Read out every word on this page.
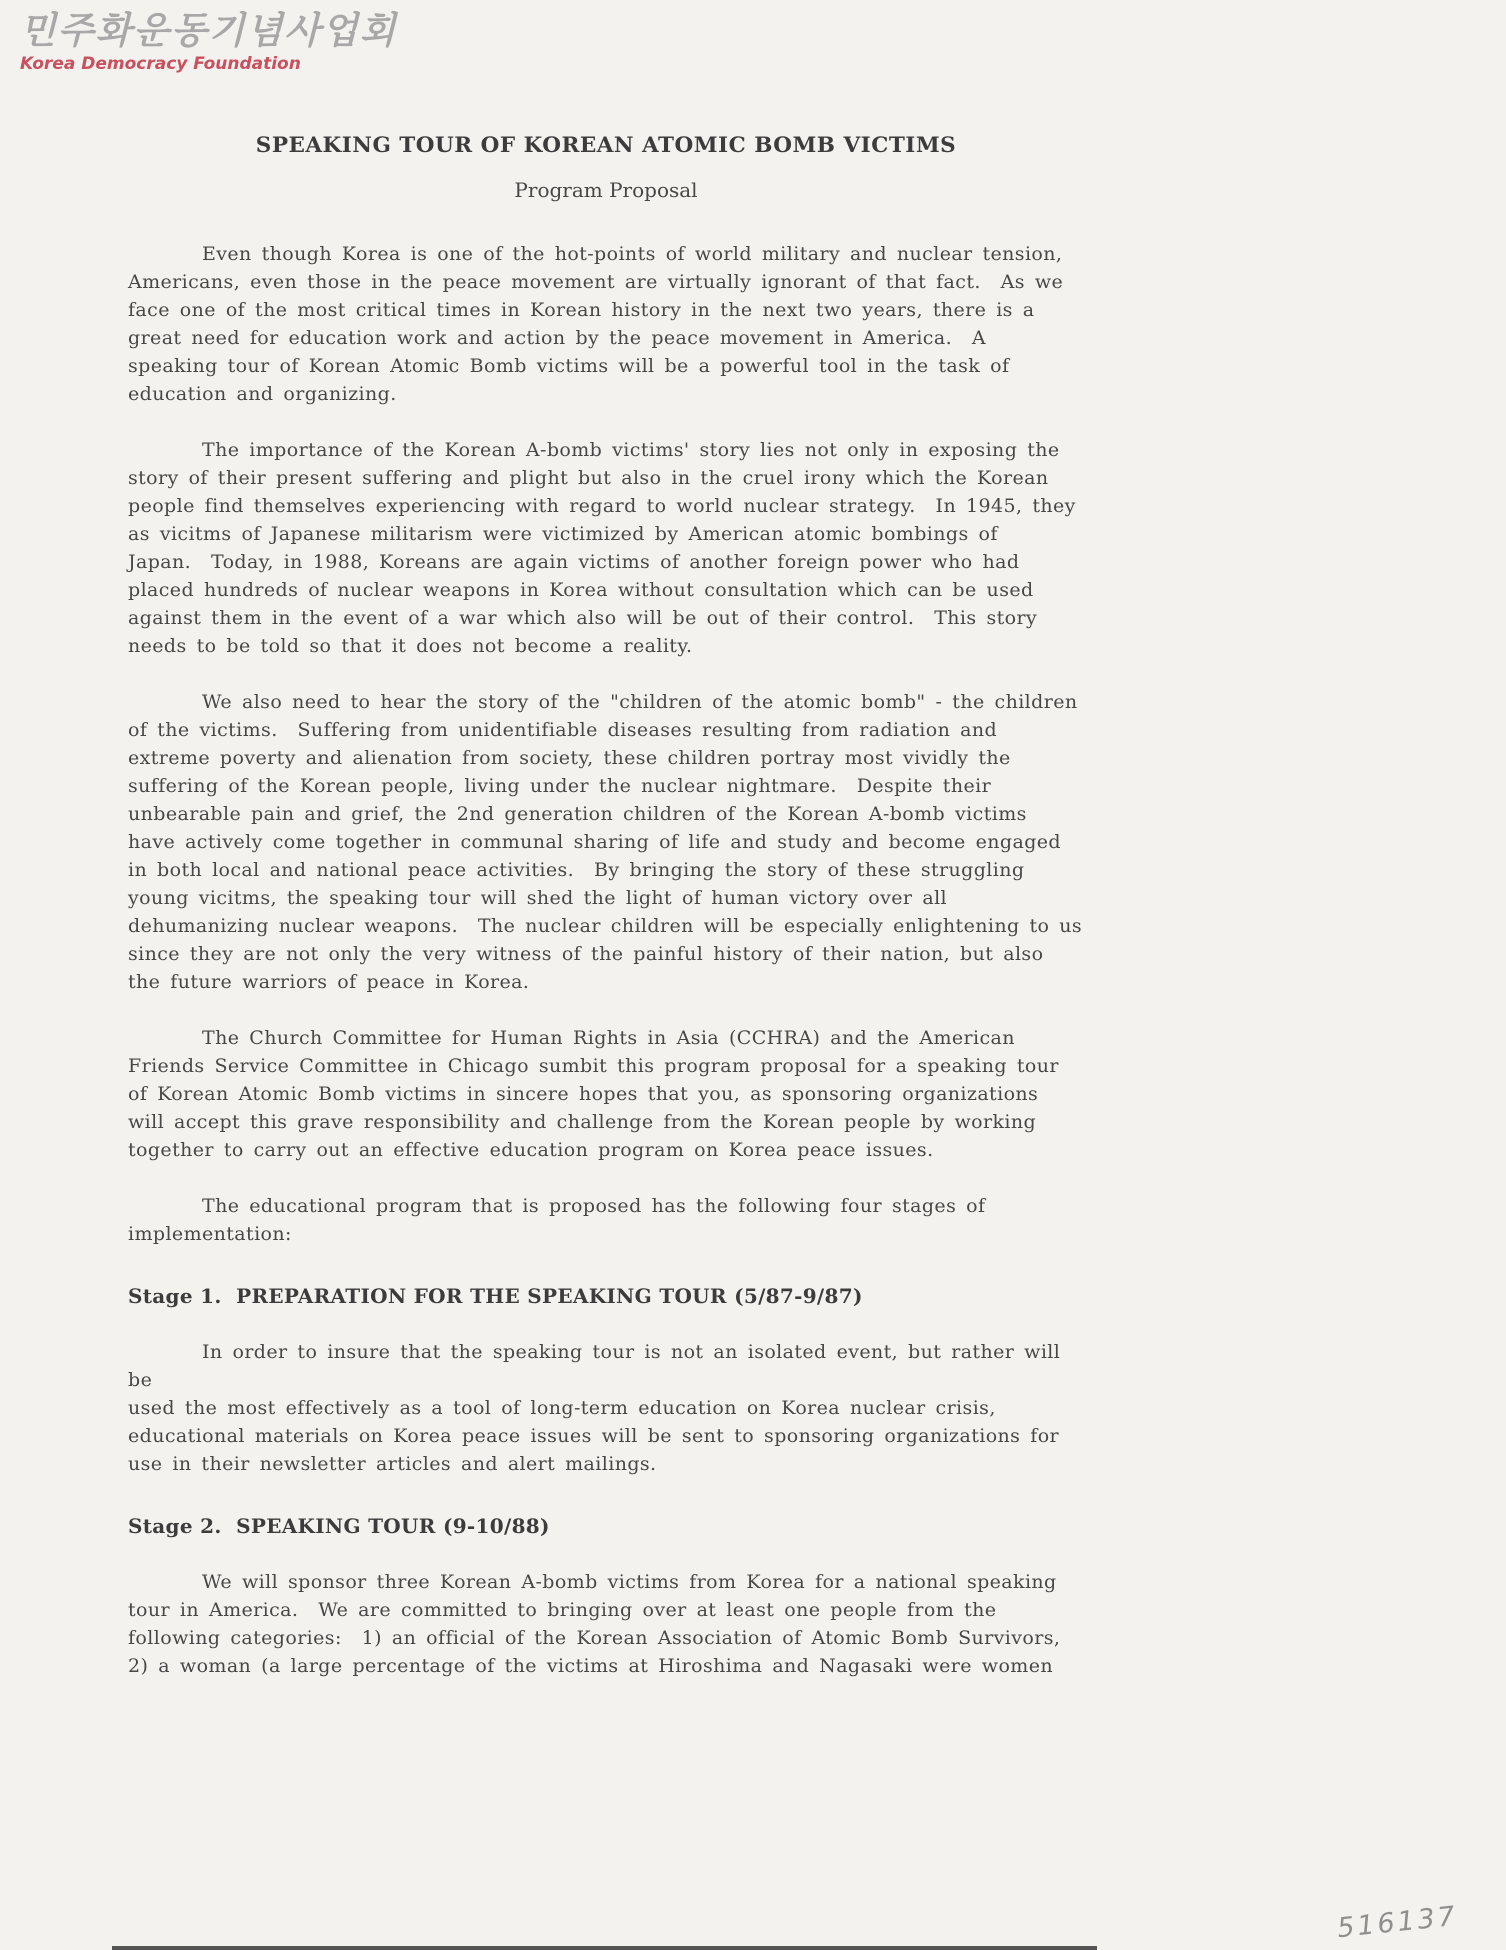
민주화운동기념사업회
Korea Democracy Foundation
SPEAKING TOUR OF KOREAN ATOMIC BOMB VICTIMS
Program Proposal
Even though Korea is one of the hot-points of world military and nuclear tension,
Americans, even those in the peace movement are virtually ignorant of that fact.  As we
face one of the most critical times in Korean history in the next two years, there is a
great need for education work and action by the peace movement in America.  A
speaking tour of Korean Atomic Bomb victims will be a powerful tool in the task of
education and organizing.
The importance of the Korean A-bomb victims' story lies not only in exposing the
story of their present suffering and plight but also in the cruel irony which the Korean
people find themselves experiencing with regard to world nuclear strategy.  In 1945, they
as vicitms of Japanese militarism were victimized by American atomic bombings of
Japan.  Today, in 1988, Koreans are again victims of another foreign power who had
placed hundreds of nuclear weapons in Korea without consultation which can be used
against them in the event of a war which also will be out of their control.  This story
needs to be told so that it does not become a reality.
We also need to hear the story of the "children of the atomic bomb" - the children
of the victims.  Suffering from unidentifiable diseases resulting from radiation and
extreme poverty and alienation from society, these children portray most vividly the
suffering of the Korean people, living under the nuclear nightmare.  Despite their
unbearable pain and grief, the 2nd generation children of the Korean A-bomb victims
have actively come together in communal sharing of life and study and become engaged
in both local and national peace activities.  By bringing the story of these struggling
young vicitms, the speaking tour will shed the light of human victory over all
dehumanizing nuclear weapons.  The nuclear children will be especially enlightening to us
since they are not only the very witness of the painful history of their nation, but also
the future warriors of peace in Korea.
The Church Committee for Human Rights in Asia (CCHRA) and the American
Friends Service Committee in Chicago sumbit this program proposal for a speaking tour
of Korean Atomic Bomb victims in sincere hopes that you, as sponsoring organizations
will accept this grave responsibility and challenge from the Korean people by working
together to carry out an effective education program on Korea peace issues.
The educational program that is proposed has the following four stages of
implementation:
Stage 1.  PREPARATION FOR THE SPEAKING TOUR (5/87-9/87)
In order to insure that the speaking tour is not an isolated event, but rather will be
used the most effectively as a tool of long-term education on Korea nuclear crisis,
educational materials on Korea peace issues will be sent to sponsoring organizations for
use in their newsletter articles and alert mailings.
Stage 2.  SPEAKING TOUR (9-10/88)
We will sponsor three Korean A-bomb victims from Korea for a national speaking
tour in America.  We are committed to bringing over at least one people from the
following categories:  1) an official of the Korean Association of Atomic Bomb Survivors,
2) a woman (a large percentage of the victims at Hiroshima and Nagasaki were women
516137
